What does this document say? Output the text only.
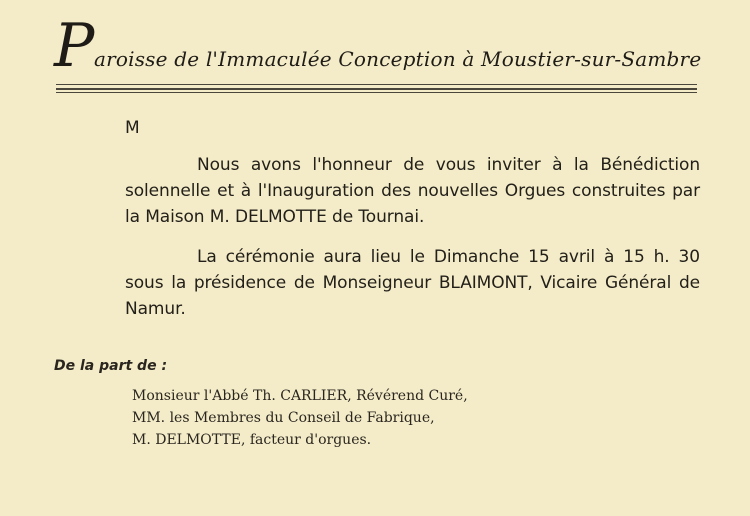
P aroisse de l'Immaculée Conception à Moustier-sur-Sambre

M

Nous avons l'honneur de vous inviter à la Bénédiction solennelle et à l'Inauguration des nouvelles Orgues construites par la Maison M. DELMOTTE de Tournai.

La cérémonie aura lieu le Dimanche 15 avril à 15 h. 30 sous la présidence de Monseigneur BLAIMONT, Vicaire Général de Namur.

De la part de :

Monsieur l'Abbé Th. CARLIER, Révérend Curé,
MM. les Membres du Conseil de Fabrique,
M. DELMOTTE, facteur d'orgues.
